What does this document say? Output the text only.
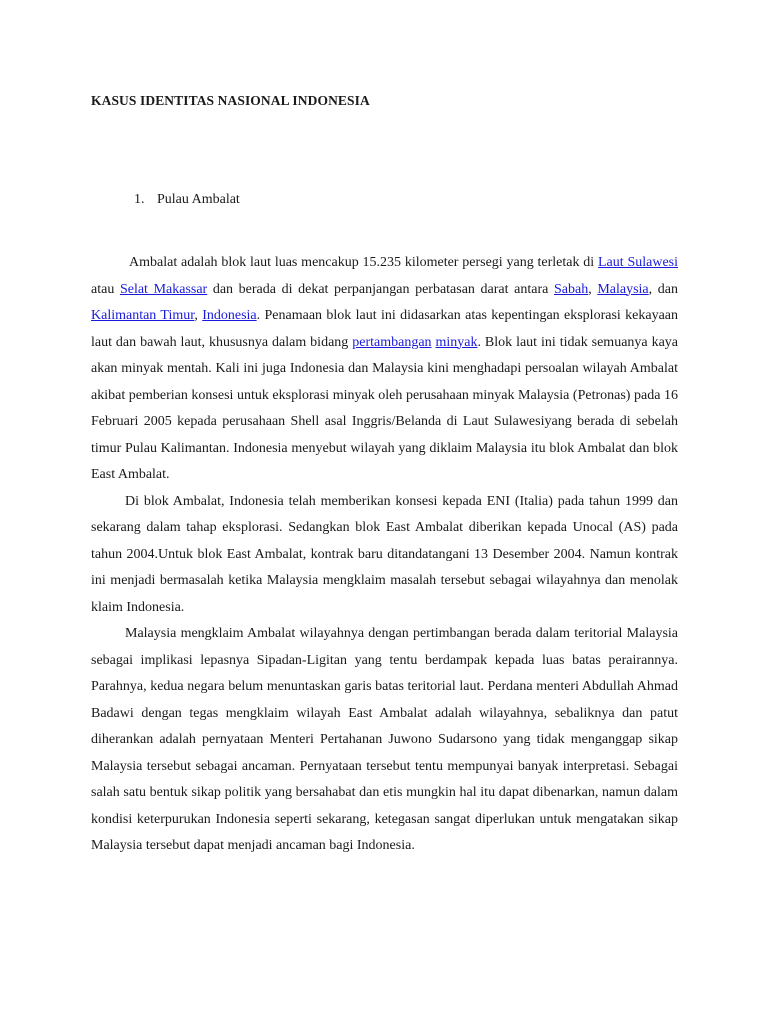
KASUS IDENTITAS NASIONAL INDONESIA
1. Pulau Ambalat

Ambalat adalah blok laut luas mencakup 15.235 kilometer persegi yang terletak di Laut Sulawesi atau Selat Makassar dan berada di dekat perpanjangan perbatasan darat antara Sabah, Malaysia, dan Kalimantan Timur, Indonesia. Penamaan blok laut ini didasarkan atas kepentingan eksplorasi kekayaan laut dan bawah laut, khususnya dalam bidang pertambangan minyak. Blok laut ini tidak semuanya kaya akan minyak mentah. Kali ini juga Indonesia dan Malaysia kini menghadapi persoalan wilayah Ambalat akibat pemberian konsesi untuk eksplorasi minyak oleh perusahaan minyak Malaysia (Petronas) pada 16 Februari 2005 kepada perusahaan Shell asal Inggris/Belanda di Laut Sulawesiyang berada di sebelah timur Pulau Kalimantan. Indonesia menyebut wilayah yang diklaim Malaysia itu blok Ambalat dan blok East Ambalat.

Di blok Ambalat, Indonesia telah memberikan konsesi kepada ENI (Italia) pada tahun 1999 dan sekarang dalam tahap eksplorasi. Sedangkan blok East Ambalat diberikan kepada Unocal (AS) pada tahun 2004.Untuk blok East Ambalat, kontrak baru ditandatangani 13 Desember 2004. Namun kontrak ini menjadi bermasalah ketika Malaysia mengklaim masalah tersebut sebagai wilayahnya dan menolak klaim Indonesia.

Malaysia mengklaim Ambalat wilayahnya dengan pertimbangan berada dalam teritorial Malaysia sebagai implikasi lepasnya Sipadan-Ligitan yang tentu berdampak kepada luas batas perairannya. Parahnya, kedua negara belum menuntaskan garis batas teritorial laut. Perdana menteri Abdullah Ahmad Badawi dengan tegas mengklaim wilayah East Ambalat adalah wilayahnya, sebaliknya dan patut diherankan adalah pernyataan Menteri Pertahanan Juwono Sudarsono yang tidak menganggap sikap Malaysia tersebut sebagai ancaman. Pernyataan tersebut tentu mempunyai banyak interpretasi. Sebagai salah satu bentuk sikap politik yang bersahabat dan etis mungkin hal itu dapat dibenarkan, namun dalam kondisi keterpurukan Indonesia seperti sekarang, ketegasan sangat diperlukan untuk mengatakan sikap Malaysia tersebut dapat menjadi ancaman bagi Indonesia.
